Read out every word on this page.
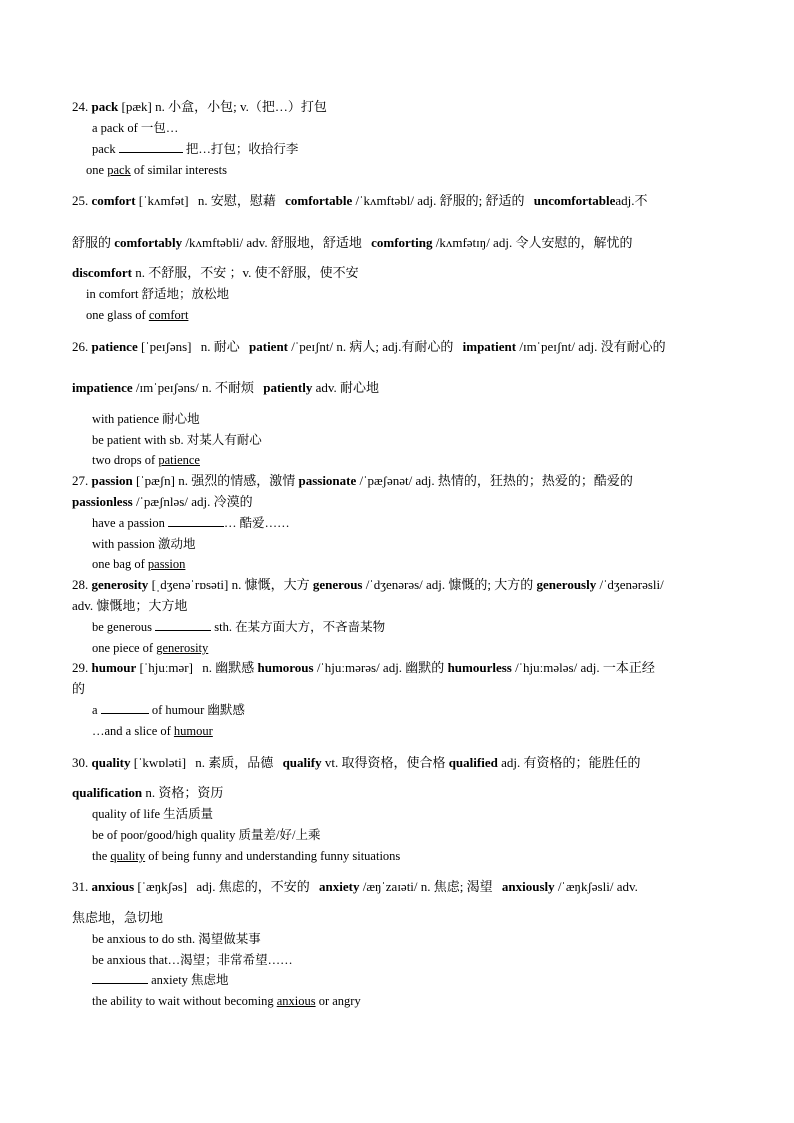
24. pack [pæk] n. 小盒，小包; v.（把…）打包
a pack of 一包…
pack	把…打包；收拾行李
one pack of similar interests
25. comfort [ˈkʌmfət] n. 安慰，慰藉 comfortable /ˈkʌmftəbl/ adj. 舒服的; 舒适的 uncomfortableadj.不
舒服的 comfortably /kʌmftəbli/ adv. 舒服地，舒适地 comforting /kʌmfətɪŋ/ adj. 令人安慰的，解忧的
discomfort n. 不舒服，不安 ；v. 使不舒服，使不安
in comfort 舒适地；放松地
one glass of comfort
26. patience [ˈpeɪʃəns] n. 耐心 patient /ˈpeɪʃnt/ n. 病人; adj.有耐心的 impatient /ɪmˈpeɪʃnt/ adj. 没有耐心的
impatience /ɪmˈpeɪʃəns/ n. 不耐烦 patiently adv. 耐心地
with patience 耐心地
be patient with sb. 对某人有耐心
two drops of patience
27. passion [ˈpæʃn] n. 强烈的情感，激情 passionate /ˈpæʃənət/ adj. 热情的，狂热的；热爱的；酷爱的
passionless /ˈpæʃnləs/ adj. 冷漠的
have a passion	… 酷爱……
with passion 激动地
one bag of passion
28. generosity [ˌdʒenəˈrɒsəti] n. 慷慨，大方 generous /ˈdʒenərəs/ adj. 慷慨的; 大方的 generously /ˈdʒenərəsli/
adv. 慷慨地；大方地
be generous	sth. 在某方面大方，不吝啬某物
one piece of generosity
29. humour [ˈhjuːmər] n. 幽默感 humorous /ˈhjuːmərəs/ adj. 幽默的 humourless /ˈhjuːmələs/ adj. 一本正经
的
a	of humour 幽默感
…and a slice of humour
30. quality [ˈkwɒləti] n. 素质，品德 qualify vt. 取得资格，使合格 qualified adj. 有资格的；能胜任的
qualification n. 资格；资历
quality of life 生活质量
be of poor/good/high quality 质量差/好/上乘
the quality of being funny and understanding funny situations
31. anxious [ˈæŋkʃəs] adj. 焦虑的，不安的 anxiety /æŋˈzaɪəti/ n. 焦虑; 渴望 anxiously /ˈæŋkʃəsli/ adv.
焦虑地，急切地
be anxious to do sth. 渴望做某事
be anxious that…渴望；非常希望……
anxiety 焦虑地
the ability to wait without becoming anxious or angry
